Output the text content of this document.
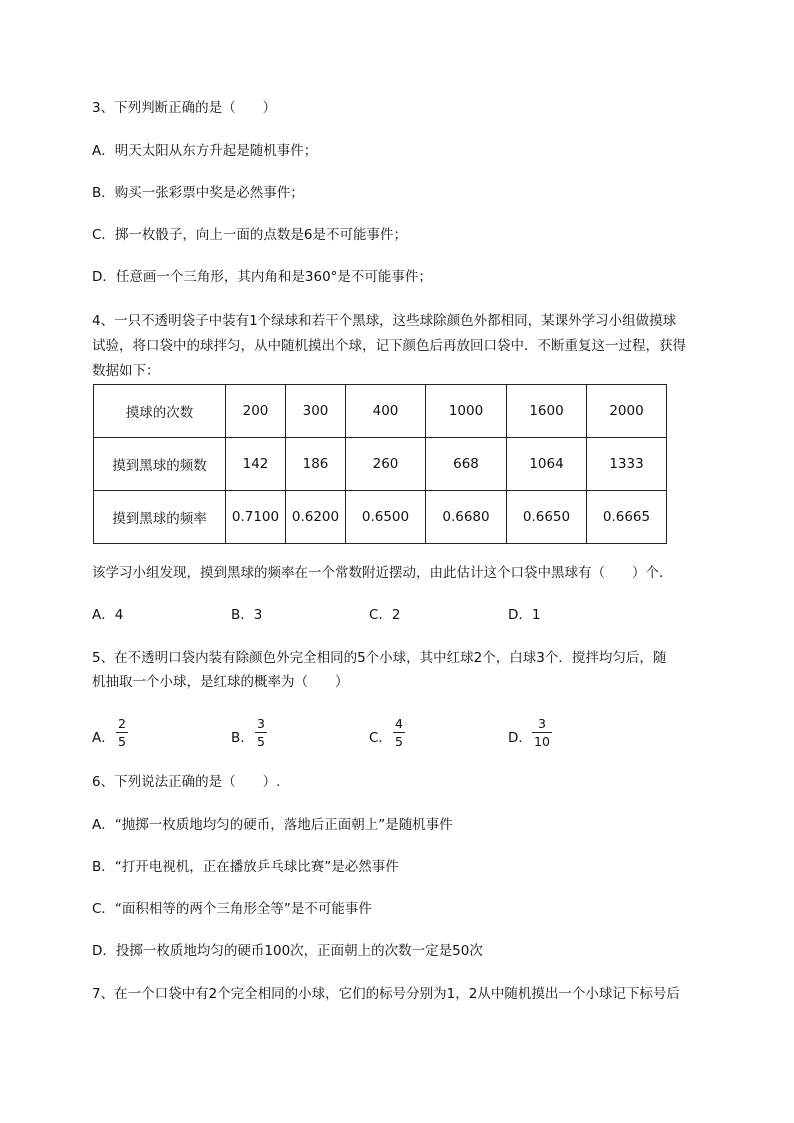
3、下列判断正确的是（　　）
A．明天太阳从东方升起是随机事件；
B．购买一张彩票中奖是必然事件；
C．掷一枚骰子，向上一面的点数是6是不可能事件；
D．任意画一个三角形，其内角和是360°是不可能事件；
4、一只不透明袋子中装有1个绿球和若干个黑球，这些球除颜色外都相同，某课外学习小组做摸球
试验，将口袋中的球拌匀，从中随机摸出个球，记下颜色后再放回口袋中．不断重复这一过程，获得
数据如下：
摸球的次数	200	300	400	1000	1600	2000
摸到黑球的频数	142	186	260	668	1064	1333
摸到黑球的频率	0.7100	0.6200	0.6500	0.6680	0.6650	0.6665
该学习小组发现，摸到黑球的频率在一个常数附近摆动，由此估计这个口袋中黑球有（　　）个．
A．4	B．3	C．2	D．1
5、在不透明口袋内装有除颜色外完全相同的5个小球，其中红球2个，白球3个．搅拌均匀后，随
机抽取一个小球，是红球的概率为（　　）
A．
2
5	B．
3
5	C．
4
5	D．
3
10
6、下列说法正确的是（　　）.
A．“抛掷一枚质地均匀的硬币，落地后正面朝上”是随机事件
B．“打开电视机，正在播放乒乓球比赛”是必然事件
C．“面积相等的两个三角形全等”是不可能事件
D．投掷一枚质地均匀的硬币100次，正面朝上的次数一定是50次
7、在一个口袋中有2个完全相同的小球，它们的标号分别为1，2从中随机摸出一个小球记下标号后
